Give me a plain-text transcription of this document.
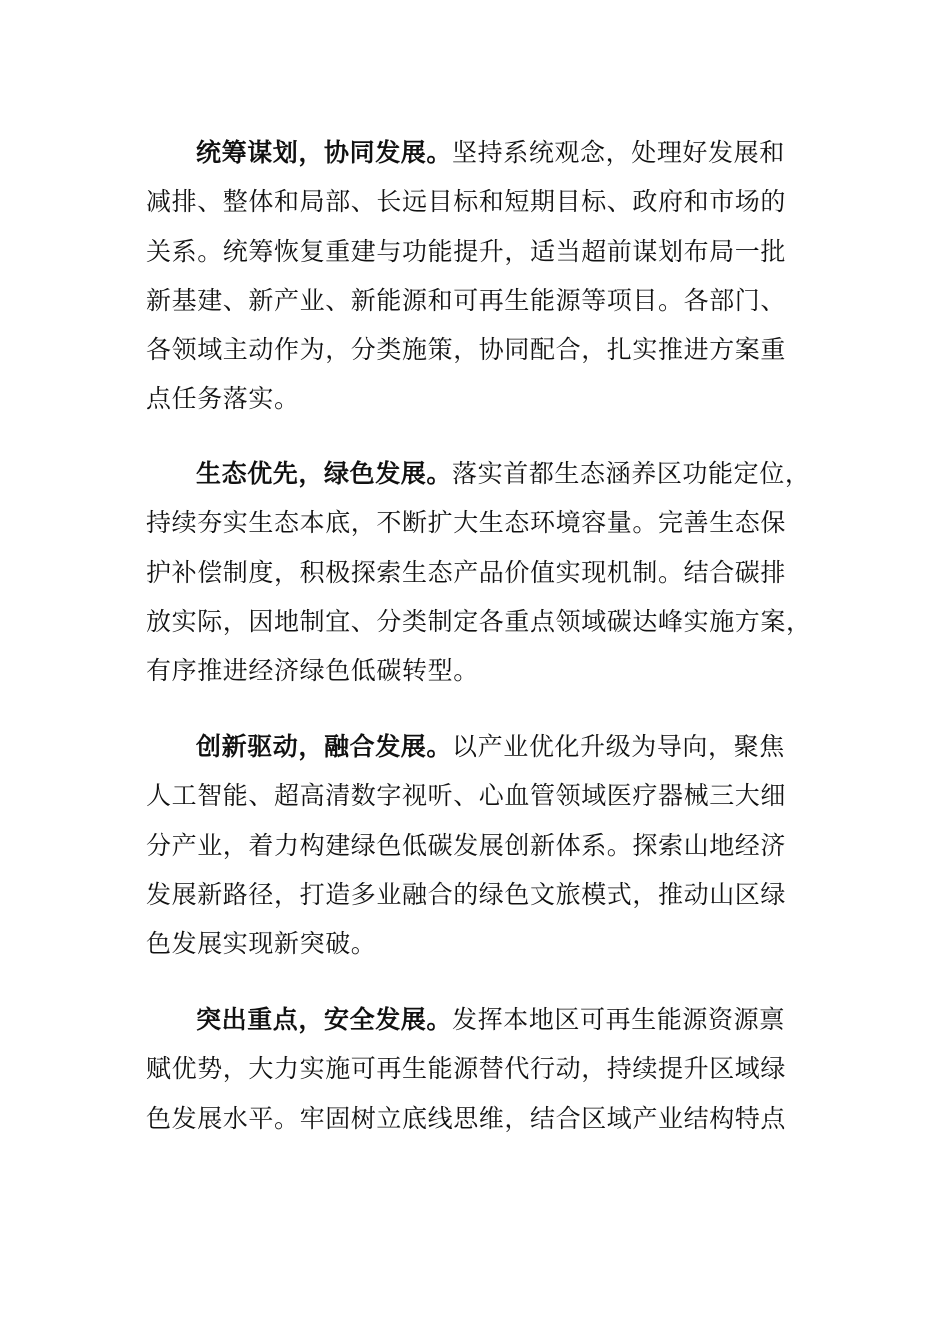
统筹谋划，协同发展。坚持系统观念，处理好发展和
减排、整体和局部、长远目标和短期目标、政府和市场的
关系。统筹恢复重建与功能提升，适当超前谋划布局一批
新基建、新产业、新能源和可再生能源等项目。各部门、
各领域主动作为，分类施策，协同配合，扎实推进方案重
点任务落实。
生态优先，绿色发展。落实首都生态涵养区功能定位，
持续夯实生态本底，不断扩大生态环境容量。完善生态保
护补偿制度，积极探索生态产品价值实现机制。结合碳排
放实际，因地制宜、分类制定各重点领域碳达峰实施方案，
有序推进经济绿色低碳转型。
创新驱动，融合发展。以产业优化升级为导向，聚焦
人工智能、超高清数字视听、心血管领域医疗器械三大细
分产业，着力构建绿色低碳发展创新体系。探索山地经济
发展新路径，打造多业融合的绿色文旅模式，推动山区绿
色发展实现新突破。
突出重点，安全发展。发挥本地区可再生能源资源禀
赋优势，大力实施可再生能源替代行动，持续提升区域绿
色发展水平。牢固树立底线思维，结合区域产业结构特点
